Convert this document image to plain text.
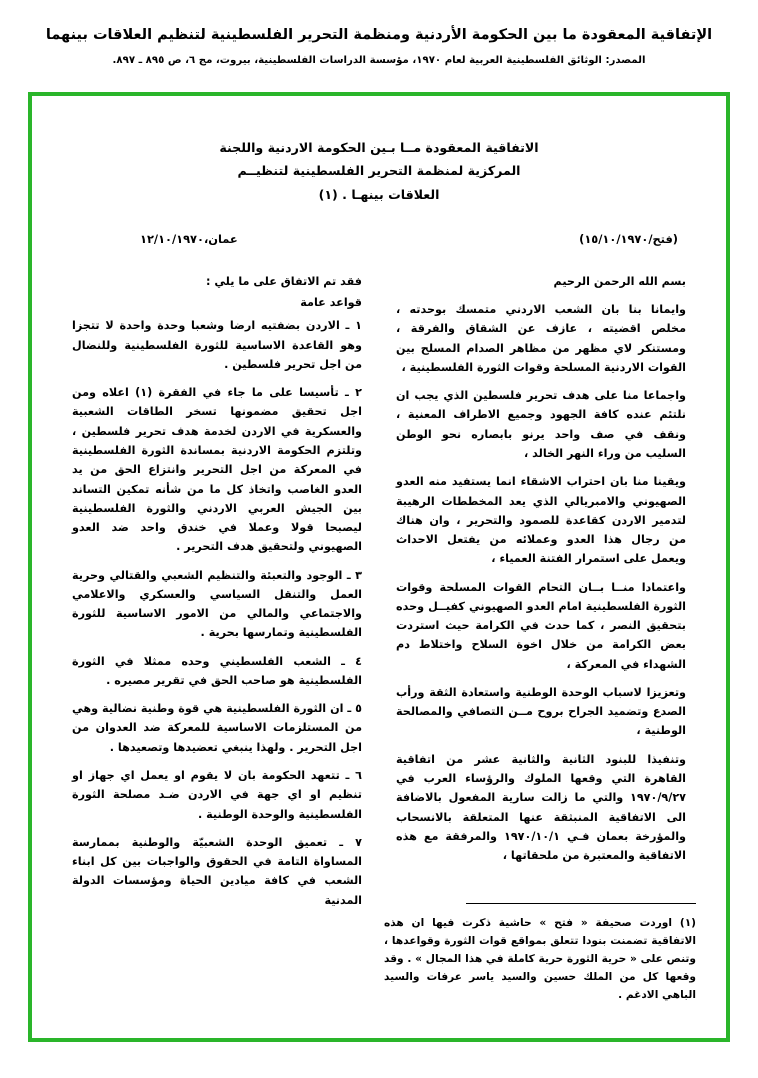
الإتفاقية المعقودة ما بين الحكومة الأردنية ومنظمة التحرير الفلسطينية لتنظيم العلاقات بينهما
المصدر: الوثائق الفلسطينية العربية لعام ١٩٧٠، مؤسسة الدراسات الفلسطينية، بيروت، مج ٦، ص ٨٩٥ ـ ٨٩٧.
الاتفاقية المعقودة مــا بـين الحكومة الاردنية واللجنة المركزية لمنظمة التحرير الفلسطينية لتنظيــم العلاقات بينهـا . (١)
عمان،١٢/١٠/١٩٧٠	(فتح/١٥/١٠/١٩٧٠)

بسم الله الرحمن الرحيم

وايمانا بنا بان الشعب الاردني متمسك بوحدته ، مخلص اقضيته ، عازف عن الشقاق والفرقة ، ومستنكر لاي مظهر من مظاهر الصدام المسلح بين القوات الاردنية المسلحة وقوات الثورة الفلسطينية ،

واجماعا منا على هدف تحرير فلسطين الذي يجب ان نلتئم عنده كافة الجهود وجميع الاطراف المعنية ، ونقف في صف واحد يرنو بابصاره نحو الوطن السليب من وراء النهر الخالد ،

ويقينا منا بان احتراب الاشقاء انما يستفيد منه العدو الصهيوني والامبريالي الذي يعد المخططات الرهيبة لتدمير الاردن كقاعدة للصمود والتحرير ، وان هناك من رجال هذا العدو وعملائه من يفتعل الاحداث ويعمل على استمرار الفتنة العمياء ،

واعتمادا منــا بــان التحام القوات المسلحة وقوات الثورة الفلسطينية امام العدو الصهيوني كفيــل وحده بتحقيق النصر ، كما حدث في الكرامة حيث استردت بعض الكرامة من خلال اخوة السلاح واختلاط دم الشهداء في المعركة ،

وتعزيزا لاسباب الوحدة الوطنية واستعادة الثقة ورأب الصدع وتضميد الجراح بروح مــن التصافي والمصالحة الوطنية ،

وتنفيذا للبنود الثانية والثانية عشر من اتفاقية القاهرة التي وقعها الملوك والرؤساء العرب في ١٩٧٠/٩/٢٧ والتي ما زالت سارية المفعول بالاضافة الى الاتفاقية المنبثقة عنها المتعلقة بالانسحاب والمؤرخة بعمان فـي ١٩٧٠/١٠/١ والمرفقة مع هذه الاتفاقية والمعتبرة من ملحقاتها ،

فقد تم الاتفاق على ما يلي :

قواعد عامة

١ ـ الاردن بضفتيه ارضا وشعبا وحدة واحدة لا تتجزا وهو القاعدة الاساسية للثورة الفلسطينية وللنضال من اجل تحرير فلسطين .

٢ ـ تأسيسا على ما جاء في الفقرة (١) اعلاه ومن اجل تحقيق مضمونها تسخر الطاقات الشعبية والعسكرية في الاردن لخدمة هدف تحرير فلسطين ، وتلتزم الحكومة الاردنية بمساندة الثورة الفلسطينية في المعركة من اجل التحرير وانتزاع الحق من يد العدو الغاصب واتخاذ كل ما من شأنه تمكين التساند بين الجيش العربي الاردني والثورة الفلسطينية ليصبحا قولا وعملا في خندق واحد ضد العدو الصهيوني ولتحقيق هدف التحرير .

٣ ـ الوجود والتعبئة والتنظيم الشعبي والقتالي وحرية العمل والتنقل السياسي والعسكري والاعلامي والاجتماعي والمالي من الامور الاساسية للثورة الفلسطينية وتمارسها بحرية .

٤ ـ الشعب الفلسطيني وحده ممثلا في الثورة الفلسطينية هو صاحب الحق في تقرير مصيره .

٥ ـ ان الثورة الفلسطينية هي قوة وطنية نضالية وهي من المستلزمات الاساسية للمعركة ضد العدوان من اجل التحرير . ولهذا ينبغي تعضيدها وتصعيدها .

٦ ـ تتعهد الحكومة بان لا يقوم او يعمل اي جهاز او تنظيم او اي جهة في الاردن ضـد مصلحة الثورة الفلسطينية والوحدة الوطنية .

٧ ـ تعميق الوحدة الشعبيّة والوطنية بممارسة المساواة التامة في الحقوق والواجبات بين كل ابناء الشعب في كافة ميادين الحياة ومؤسسات الدولة المدنية

(١) اوردت صحيفة « فتح » حاشية ذكرت فيها ان هذه الاتفاقية تضمنت بنودا تتعلق بمواقع قوات الثورة وقواعدها ، وتنص على « حرية الثورة حرية كاملة في هذا المجال » . وقد وقعها كل من الملك حسين والسيد ياسر عرفات والسيد الباهي الادغم .
